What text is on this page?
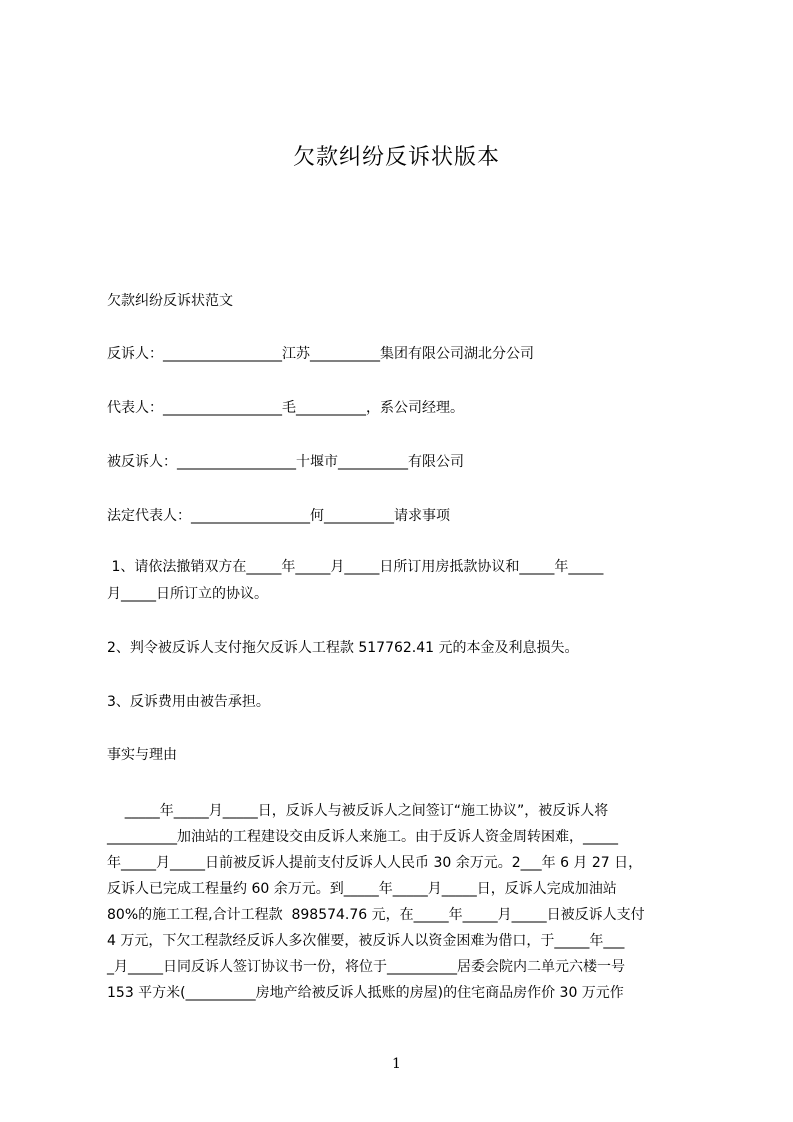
欠款纠纷反诉状版本

欠款纠纷反诉状范文

反诉人：_________________江苏__________集团有限公司湖北分公司

代表人：_________________毛__________，系公司经理。

被反诉人：_________________十堰市__________有限公司

法定代表人：_________________何__________请求事项

1、请依法撤销双方在_____年_____月_____日所订用房抵款协议和_____年_____

月_____日所订立的协议。

2、判令被反诉人支付拖欠反诉人工程款 517762.41 元的本金及利息损失。

3、反诉费用由被告承担。

事实与理由

_____年_____月_____日，反诉人与被反诉人之间签订“施工协议”，被反诉人将
__________加油站的工程建设交由反诉人来施工。由于反诉人资金周转困难，_____
年_____月_____日前被反诉人提前支付反诉人人民币 30 余万元。2___年 6 月 27 日，
反诉人已完成工程量约 60 余万元。到_____年_____月_____日，反诉人完成加油站
80%的施工工程,合计工程款  898574.76 元，在_____年_____月_____日被反诉人支付
4 万元，下欠工程款经反诉人多次催要，被反诉人以资金困难为借口，于_____年___
_月_____日同反诉人签订协议书一份，将位于__________居委会院内二单元六楼一号
153 平方米(__________房地产给被反诉人抵账的房屋)的住宅商品房作价 30 万元作

1
